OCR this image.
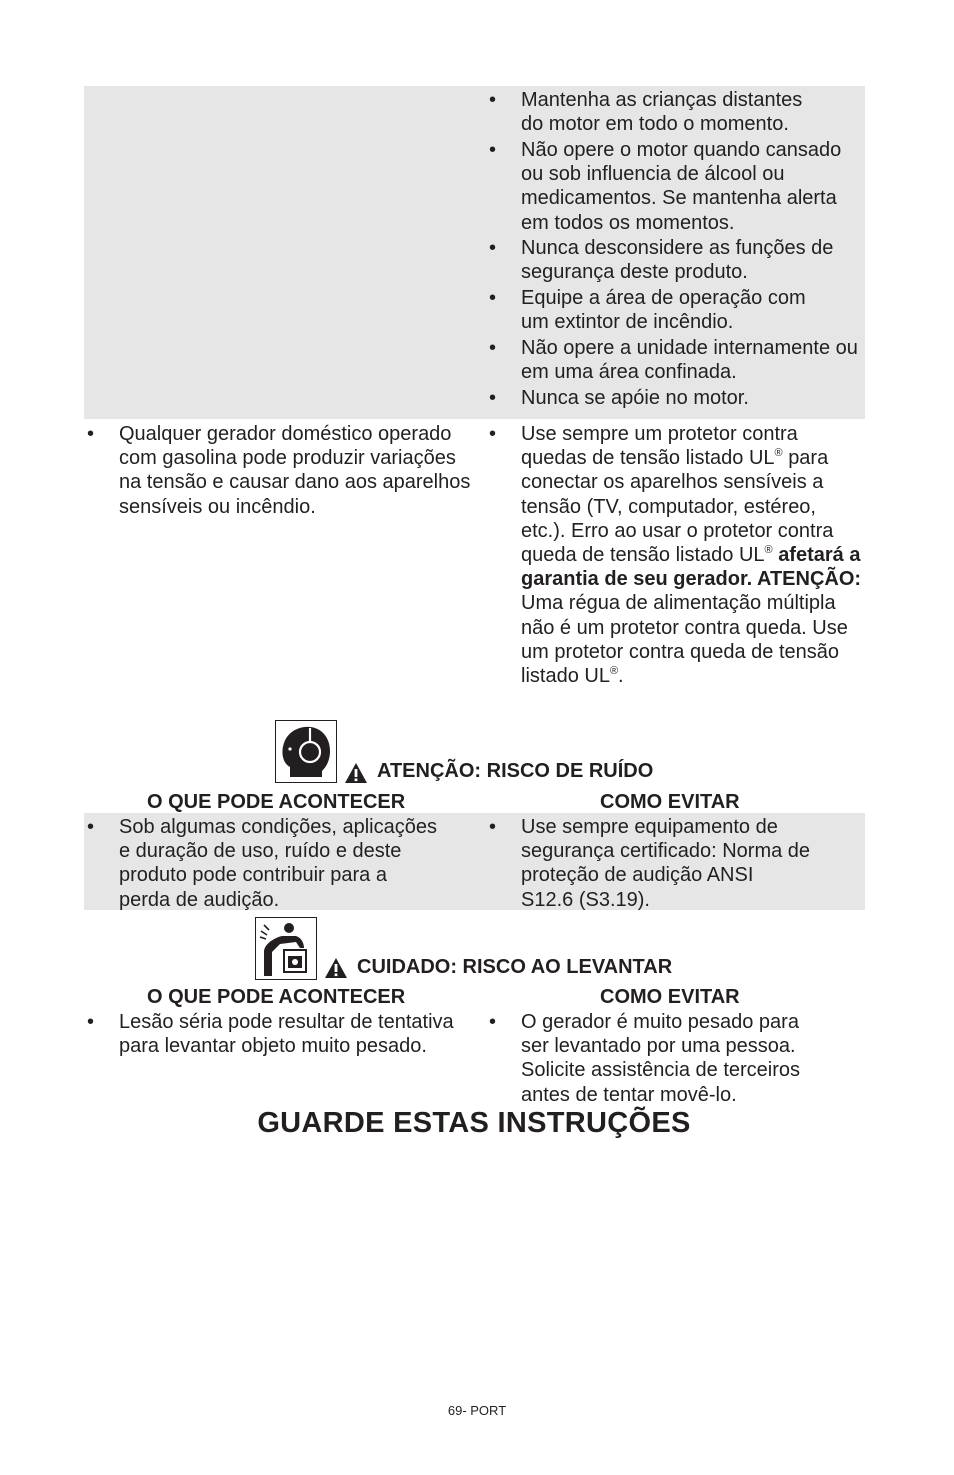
• Mantenha as crianças distantes do motor em todo o momento.
• Não opere o motor quando cansado ou sob influencia de álcool ou medicamentos. Se mantenha alerta em todos os momentos.
• Nunca desconsidere as funções de segurança deste produto.
• Equipe a área de operação com um extintor de incêndio.
• Não opere a unidade internamente ou em uma área confinada.
• Nunca se apóie no motor.
• Qualquer gerador doméstico operado com gasolina pode produzir variações na tensão e causar dano aos aparelhos sensíveis ou incêndio.
• Use sempre um protetor contra quedas de tensão listado UL® para conectar os aparelhos sensíveis a tensão (TV, computador, estéreo, etc.). Erro ao usar o protetor contra queda de tensão listado UL® afetará a garantia de seu gerador. ATENÇÃO: Uma régua de alimentação múltipla não é um protetor contra queda. Use um protetor contra queda de tensão listado UL®.
ATENÇÃO: RISCO DE RUÍDO
O QUE PODE ACONTECER	COMO EVITAR
• Sob algumas condições, aplicações e duração de uso, ruído e deste produto pode contribuir para a perda de audição.
• Use sempre equipamento de segurança certificado: Norma de proteção de audição ANSI S12.6 (S3.19).
CUIDADO: RISCO AO LEVANTAR
O QUE PODE ACONTECER	COMO EVITAR
• Lesão séria pode resultar de tentativa para levantar objeto muito pesado.
• O gerador é muito pesado para ser levantado por uma pessoa. Solicite assistência de terceiros antes de tentar movê-lo.
GUARDE ESTAS INSTRUÇÕES
69- PORT
